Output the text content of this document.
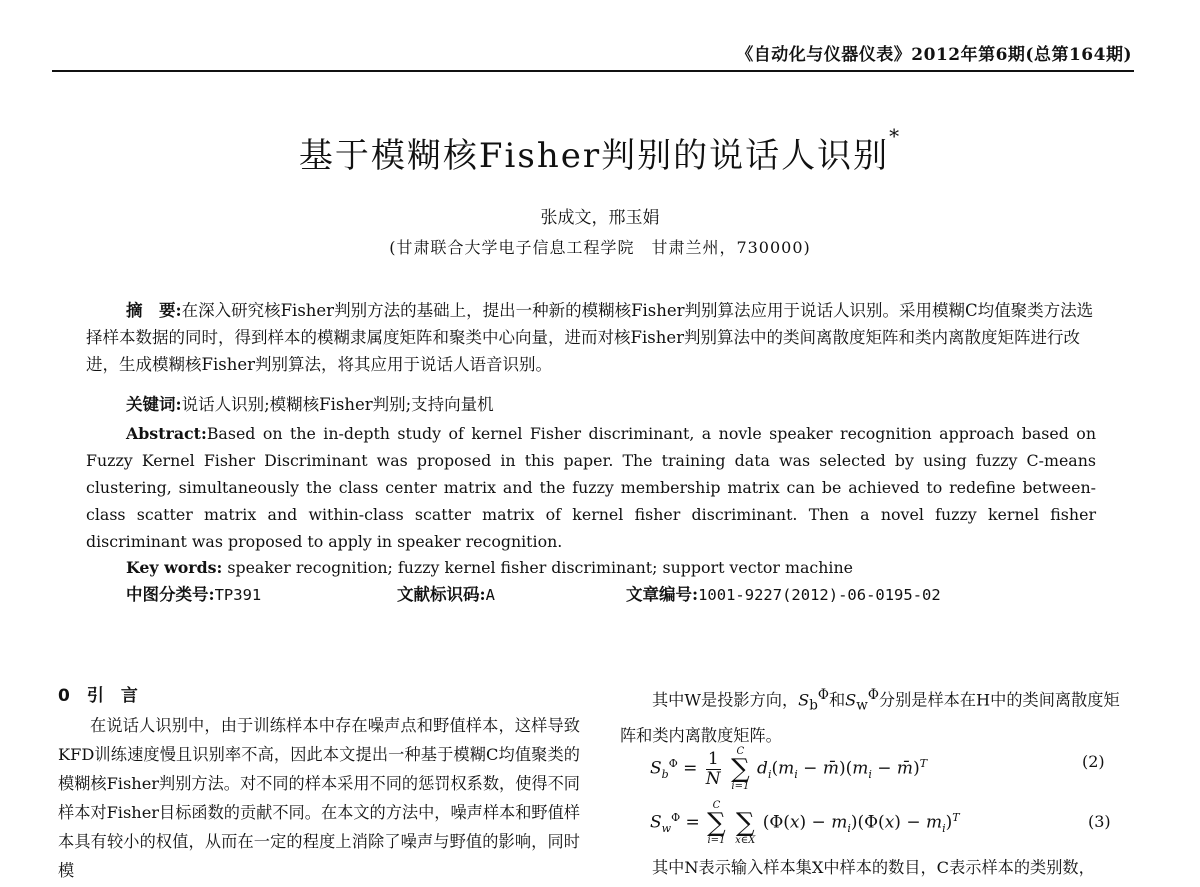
《自动化与仪器仪表》2012年第6期(总第164期)
基于模糊核Fisher判别的说话人识别*
张成文，邢玉娟
(甘肃联合大学电子信息工程学院　甘肃兰州，730000)
摘　要:在深入研究核Fisher判别方法的基础上，提出一种新的模糊核Fisher判别算法应用于说话人识别。采用模糊C均值聚类方法选择样本数据的同时，得到样本的模糊隶属度矩阵和聚类中心向量，进而对核Fisher判别算法中的类间离散度矩阵和类内离散度矩阵进行改进，生成模糊核Fisher判别算法，将其应用于说话人语音识别。
关键词:说话人识别;模糊核Fisher判别;支持向量机
Abstract:Based on the in-depth study of kernel Fisher discriminant, a novle speaker recognition approach based on Fuzzy Kernel Fisher Discriminant was proposed in this paper. The training data was selected by using fuzzy C-means clustering, simultaneously the class center matrix and the fuzzy membership matrix can be achieved to redefine between-class scatter matrix and within-class scatter matrix of kernel fisher discriminant. Then a novel fuzzy kernel fisher discriminant was proposed to apply in speaker recognition.
Key words: speaker recognition; fuzzy kernel fisher discriminant; support vector machine
中图分类号:TP391	文献标识码:A	文章编号:1001-9227(2012)-06-0195-02
0　引　言
在说话人识别中，由于训练样本中存在噪声点和野值样本，这样导致KFD训练速度慢且识别率不高，因此本文提出一种基于模糊C均值聚类的模糊核Fisher判别方法。对不同的样本采用不同的惩罚权系数，使得不同样本对Fisher目标函数的贡献不同。在本文的方法中，噪声样本和野值样本具有较小的权值，从而在一定的程度上消除了噪声与野值的影响，同时模
其中W是投影方向，$S_b^\Phi$和$S_w^\Phi$分别是样本在H中的类间离散度矩阵和类内离散度矩阵。
$S_b^\Phi = \frac{1}{N}$
	C
∑
i=1
$d_i(m_i$ − $m̄)(m_i$ − m̄)$^T$	(2)
$S_w^\Phi$ =
C
∑
i=1

∑
x∈X
$(\Phi(x) - m_i)(\Phi(x) - m_i)^T$	(3)
其中N表示输入样本集X中样本的数目，C表示样本的类别数，
